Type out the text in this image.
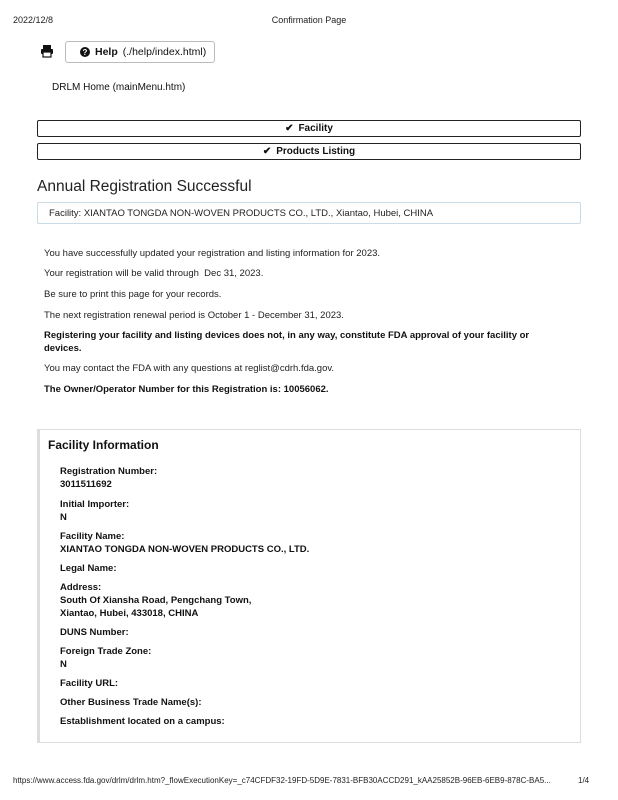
2022/12/8	Confirmation Page
? Help (./help/index.html)
DRLM Home (mainMenu.htm)
✔ Facility
✔ Products Listing
Annual Registration Successful
Facility: XIANTAO TONGDA NON-WOVEN PRODUCTS CO., LTD., Xiantao, Hubei, CHINA
You have successfully updated your registration and listing information for 2023.
Your registration will be valid through  Dec 31, 2023.
Be sure to print this page for your records.
The next registration renewal period is October 1 - December 31, 2023.
Registering your facility and listing devices does not, in any way, constitute FDA approval of your facility or
devices.
You may contact the FDA with any questions at reglist@cdrh.fda.gov.
The Owner/Operator Number for this Registration is: 10056062.
Facility Information
Registration Number:
3011511692
Initial Importer:
N
Facility Name:
XIANTAO TONGDA NON-WOVEN PRODUCTS CO., LTD.
Legal Name:
Address:
South Of Xiansha Road, Pengchang Town,
Xiantao, Hubei, 433018, CHINA
DUNS Number:
Foreign Trade Zone:
N
Facility URL:
Other Business Trade Name(s):
Establishment located on a campus:
https://www.access.fda.gov/drlm/drlm.htm?_flowExecutionKey=_c74CFDF32-19FD-5D9E-7831-BFB30ACCD291_kAA25852B-96EB-6EB9-878C-BA5...	1/4
